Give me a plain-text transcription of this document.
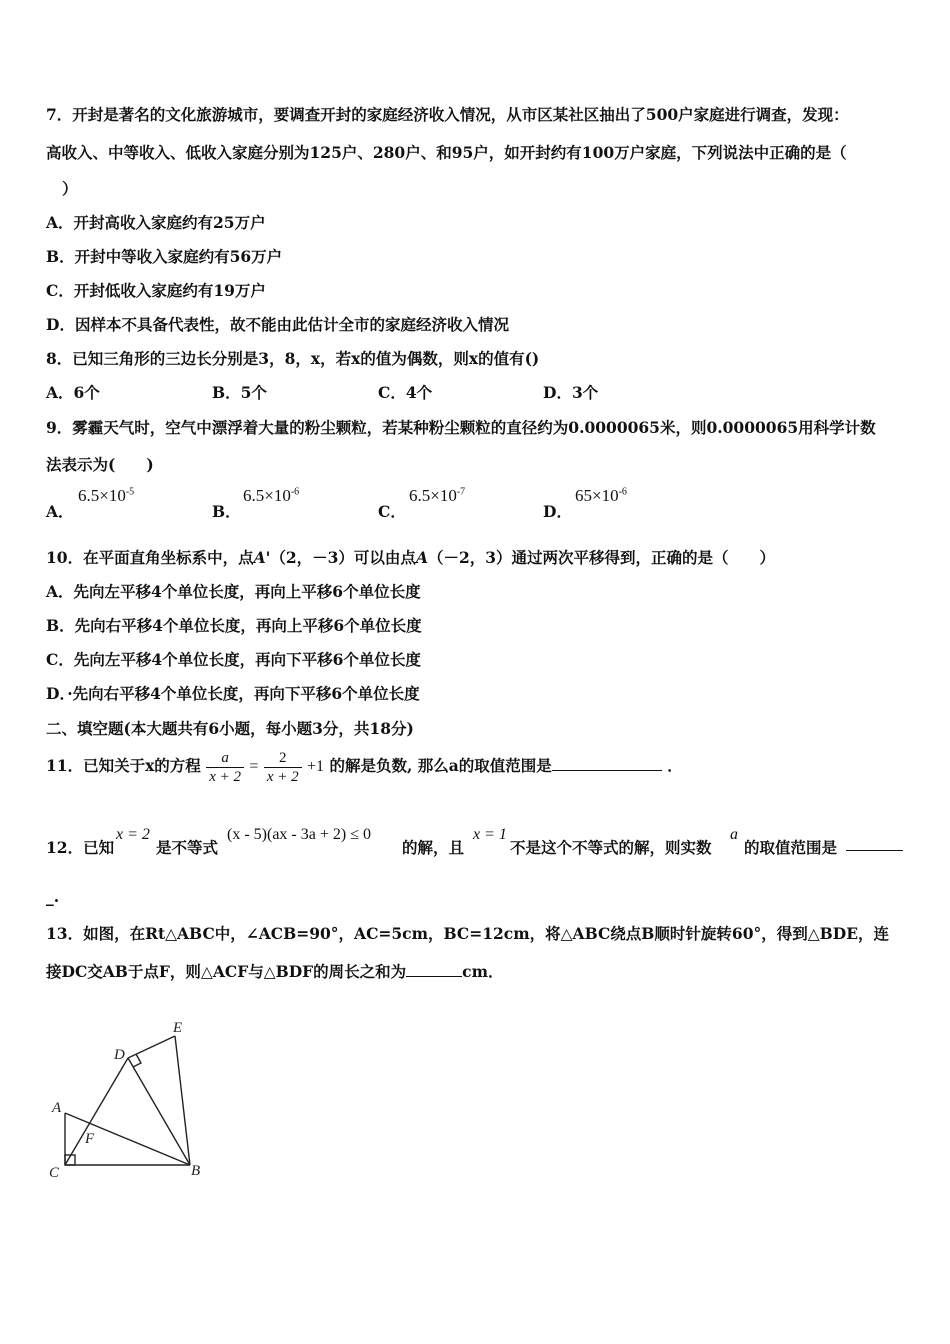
7．开封是著名的文化旅游城市，要调查开封的家庭经济收入情况，从市区某社区抽出了500户家庭进行调查，发现：
高收入、中等收入、低收入家庭分别为125户、280户、和95户，如开封约有100万户家庭，下列说法中正确的是（
）
A．开封高收入家庭约有25万户
B．开封中等收入家庭约有56万户
C．开封低收入家庭约有19万户
D．因样本不具备代表性，故不能由此估计全市的家庭经济收入情况
8．已知三角形的三边长分别是3，8，x，若x的值为偶数，则x的值有()
A．6个	B．5个	C．4个	D．3个
9．雾霾天气时，空气中漂浮着大量的粉尘颗粒，若某种粉尘颗粒的直径约为0.0000065米，则0.0000065用科学计数
法表示为(　　)
A．
$6.5\times 10^{-5}$
B．
$6.5\times 10^{-6}$
C．
$6.5\times 10^{-7}$
D．
$65\times 10^{-6}$
10．在平面直角坐标系中，点A'（2，－3）可以由点A（－2，3）通过两次平移得到，正确的是（　　）
A．先向左平移4个单位长度，再向上平移6个单位长度
B．先向右平移4个单位长度，再向上平移6个单位长度
C．先向左平移4个单位长度，再向下平移6个单位长度
D．·先向右平移4个单位长度，再向下平移6个单位长度
二、填空题(本大题共有6小题，每小题3分，共18分)
11．已知关于x的方程 $\frac{a}{x + 2} = \frac{2}{x + 2} +1$ 的解是负数, 那么a的取值范围是	．
12．已知
x = 2
是不等式
(x - 5)(ax - 3a + 2) ≤ 0
的解，且
x = 1
不是这个不等式的解，则实数
a
的取值范围是
_.
13．如图，在Rt△ABC中，∠ACB=90°，AC=5cm，BC=12cm，将△ABC绕点B顺时针旋转60°，得到△BDE，连
接DC交AB于点F，则△ACF与△BDF的周长之和为	cm．
A
C	B
D
E
F
